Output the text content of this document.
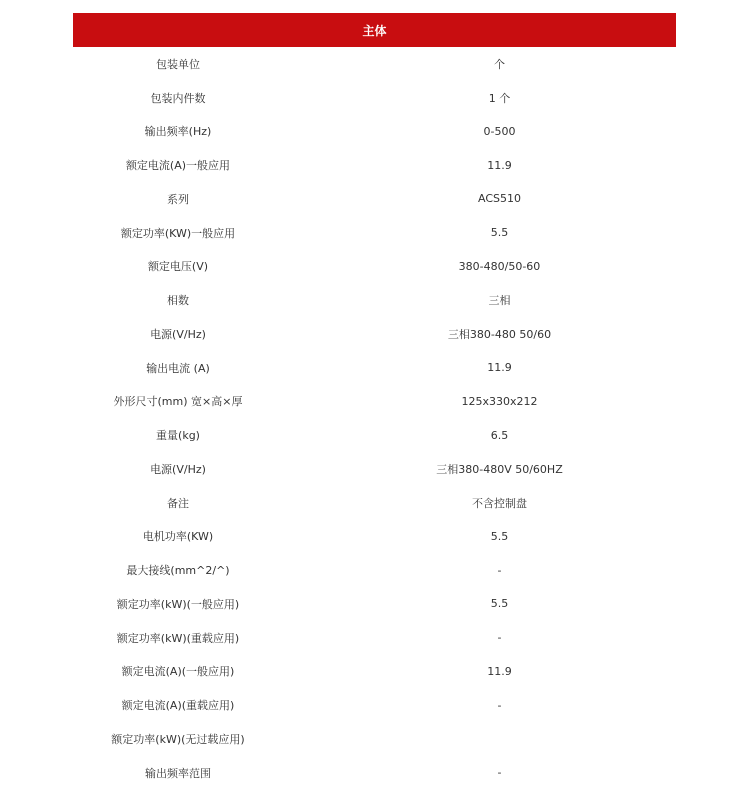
主体
包装单位	个
包装内件数	1 个
输出频率(Hz)	0-500
额定电流(A)一般应用	11.9
系列	ACS510
额定功率(KW)一般应用	5.5
额定电压(V)	380-480/50-60
相数	三相
电源(V/Hz)	三相380-480 50/60
输出电流 (A)	11.9
外形尺寸(mm) 宽×高×厚	125x330x212
重量(kg)	6.5
电源(V/Hz)	三相380-480V 50/60HZ
备注	不含控制盘
电机功率(KW)	5.5
最大接线(mm^2/^)	-
额定功率(kW)(一般应用)	5.5
额定功率(kW)(重载应用)	-
额定电流(A)(一般应用)	11.9
额定电流(A)(重载应用)	-
额定功率(kW)(无过载应用)
输出频率范围	-
